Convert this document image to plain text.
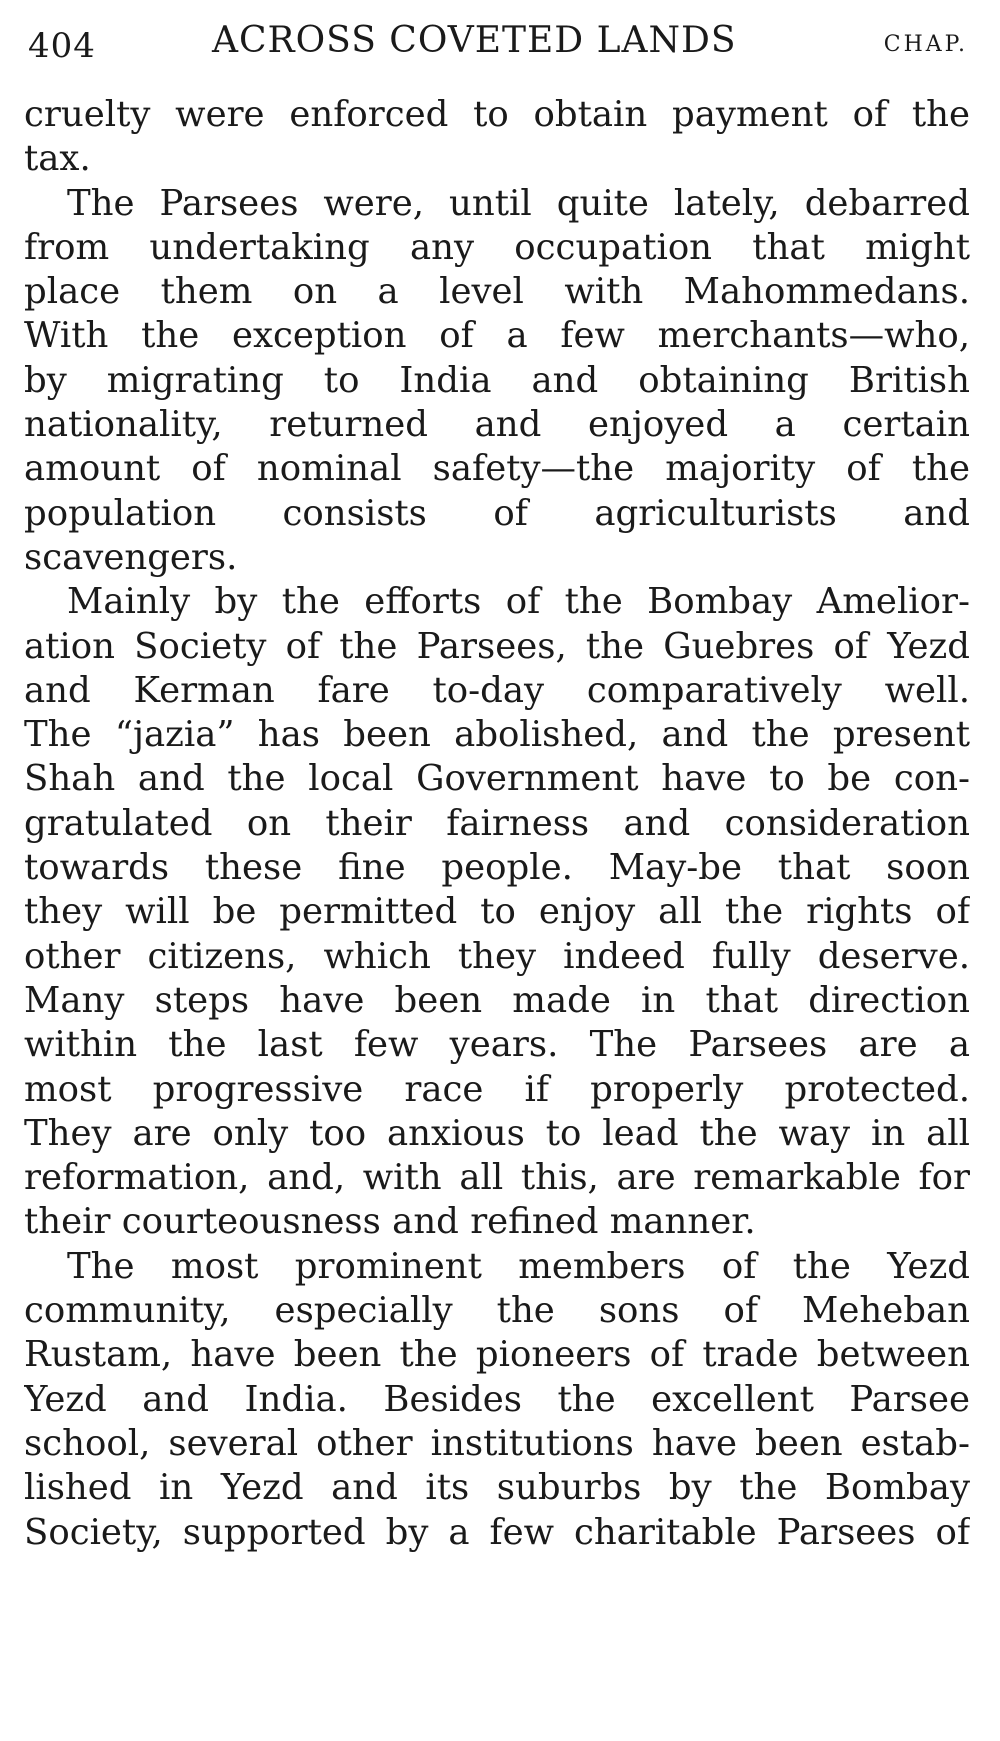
404	ACROSS COVETED LANDS	CHAP.
cruelty were enforced to obtain payment of the
tax.
The Parsees were, until quite lately, debarred
from undertaking any occupation that might
place them on a level with Mahommedans.
With the exception of a few merchants—who,
by migrating to India and obtaining British
nationality, returned and enjoyed a certain
amount of nominal safety—the majority of the
population consists of agriculturists and
scavengers.
Mainly by the efforts of the Bombay Amelior-
ation Society of the Parsees, the Guebres of Yezd
and Kerman fare to-day comparatively well.
The “jazia” has been abolished, and the present
Shah and the local Government have to be con-
gratulated on their fairness and consideration
towards these fine people. May-be that soon
they will be permitted to enjoy all the rights of
other citizens, which they indeed fully deserve.
Many steps have been made in that direction
within the last few years. The Parsees are a
most progressive race if properly protected.
They are only too anxious to lead the way in all
reformation, and, with all this, are remarkable for
their courteousness and refined manner.
The most prominent members of the Yezd
community, especially the sons of Meheban
Rustam, have been the pioneers of trade between
Yezd and India. Besides the excellent Parsee
school, several other institutions have been estab-
lished in Yezd and its suburbs by the Bombay
Society, supported by a few charitable Parsees of
